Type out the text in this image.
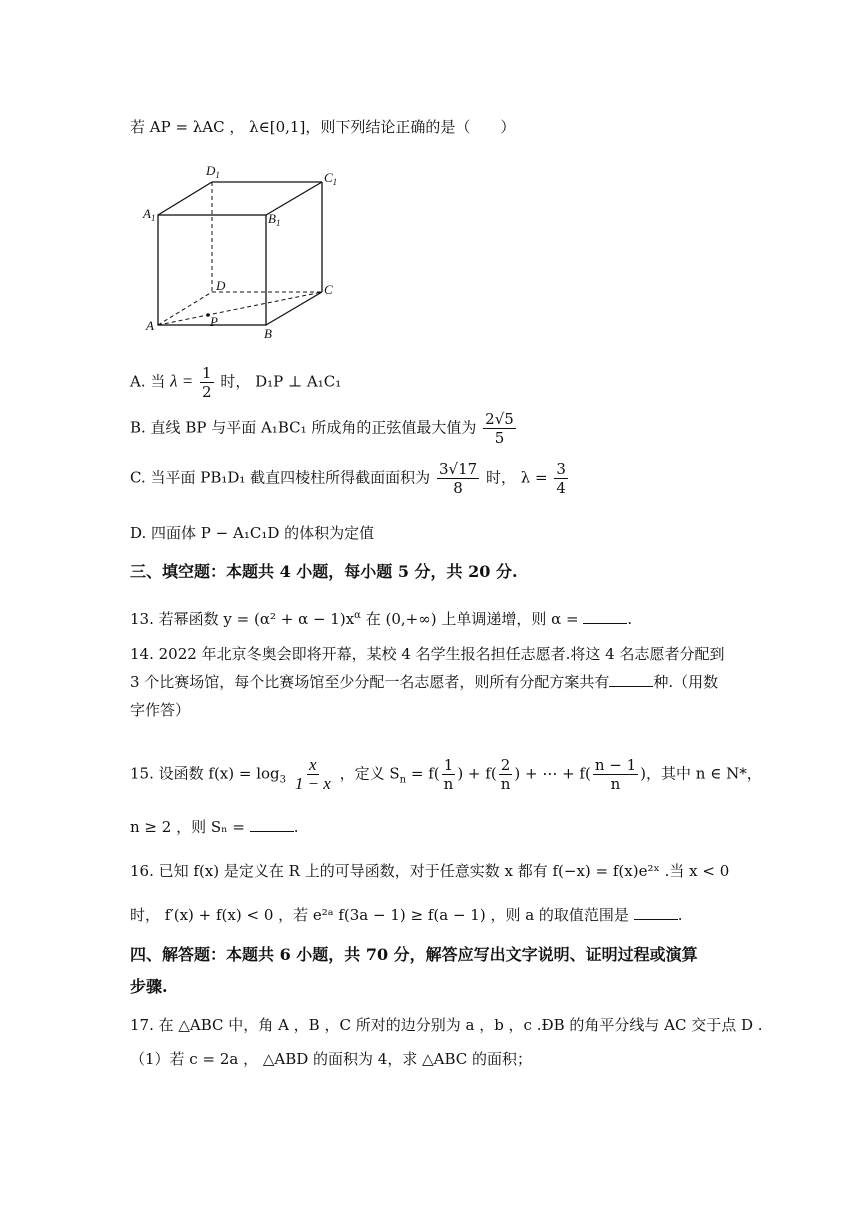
若 AP = λAC ， λ∈[0,1]，则下列结论正确的是（　　）
$A_1$	$B_1$
$C_1$
$D_1$
D	C
A
B
P
A. 当 $\lambda = \frac{1}{2}$ 时， D₁P ⊥ A₁C₁
B. 直线 BP 与平面 A₁BC₁ 所成角的正弦值最大值为 $\frac{2√5}{5}$
C. 当平面 PB₁D₁ 截直四棱柱所得截面面积为 $\frac{3√17}{8}$ 时， $\lambda = \frac{3}{4}$
D. 四面体 P − A₁C₁D 的体积为定值
三、填空题：本题共 4 小题，每小题 5 分，共 20 分.
13. 若幂函数 $y = (\alpha^2 + \alpha - 1)x^\alpha$ 在 (0,+∞) 上单调递增，则 α =	.
14. 2022 年北京冬奥会即将开幕，某校 4 名学生报名担任志愿者.将这 4 名志愿者分配到 3 个比赛场馆，每个比赛场馆至少分配一名志愿者，则所有分配方案共有	种.（用数字作答）
15. 设函数 $f(x) = \log_3 \frac{x}{1 - x}$ ，定义 $S_n = f( \frac{1}{n}$ ) + $f( \frac{2}{n}$ ) + ⋯ + $f( \frac{n - 1}{n}$ )，其中 n ∈ N*，
n ≥ 2 ，则 Sₙ =	.
16. 已知 f(x) 是定义在 R 上的可导函数，对于任意实数 x 都有 f(−x) = f(x)e²ˣ .当 x < 0
时， f′(x) + f(x) < 0 ，若 e²ᵃ f(3a − 1) ≥ f(a − 1) ，则 a 的取值范围是	.
四、解答题：本题共 6 小题，共 70 分，解答应写出文字说明、证明过程或演算
步骤.
17. 在 △ABC 中，角 A ，B ，C 所对的边分别为 a ，b ，c .ÐB 的角平分线与 AC 交于点 D .
（1）若 c = 2a ， △ABD 的面积为 4，求 △ABC 的面积；
